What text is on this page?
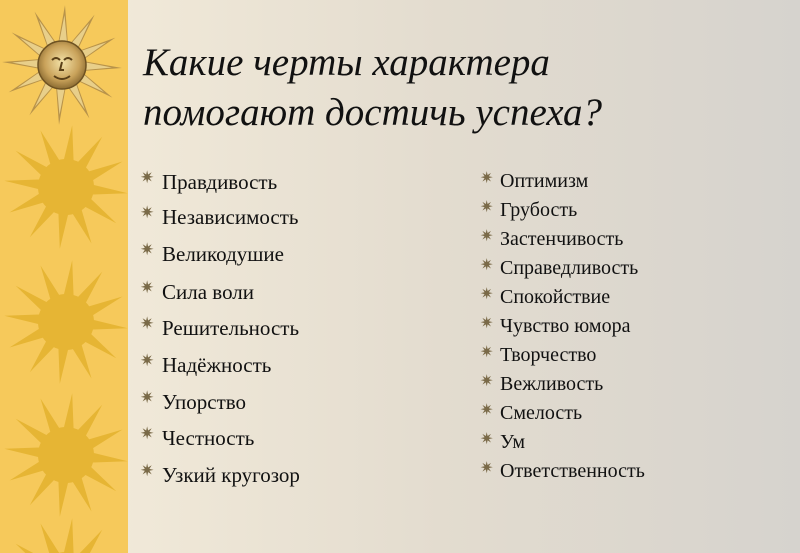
Какие черты характера
помогают достичь успеха?
✷ Правдивость
✷ Независимость
✷ Великодушие
✷ Сила воли
✷ Решительность
✷ Надёжность
✷ Упорство
✷ Честность
✷ Узкий кругозор
✷ Оптимизм
✷ Грубость
✷ Застенчивость
✷ Справедливость
✷ Спокойствие
✷ Чувство юмора
✷ Творчество
✷ Вежливость
✷ Смелость
✷ Ум
✷ Ответственность
